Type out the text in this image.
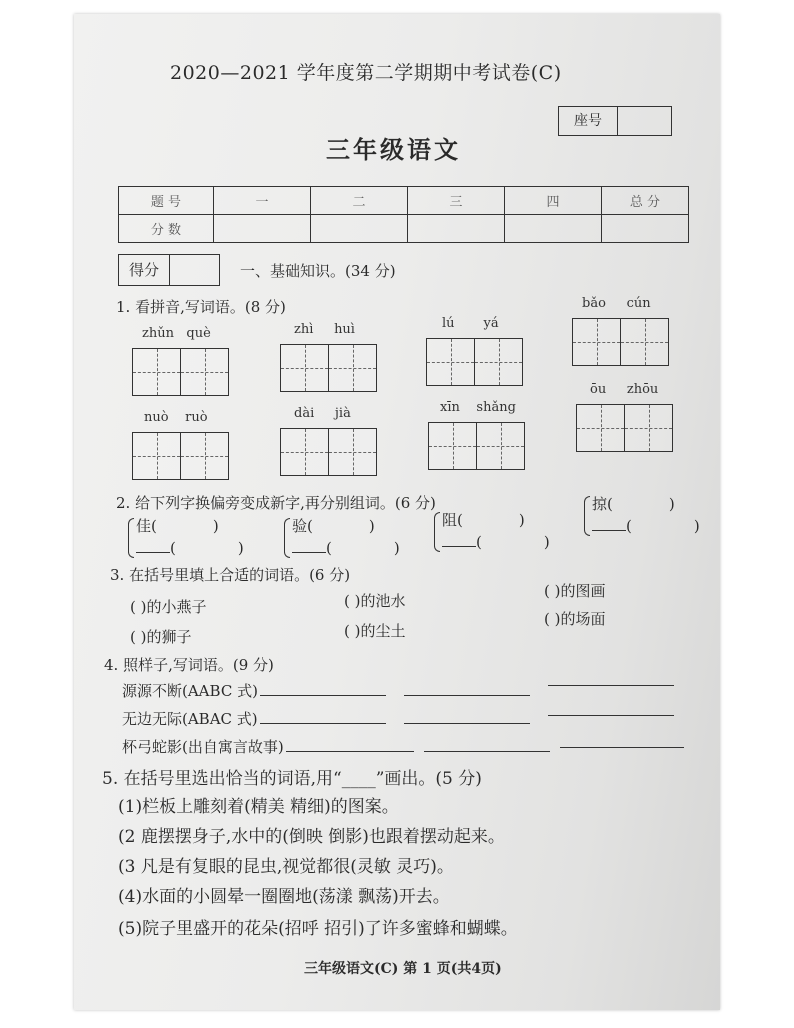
2020—2021 学年度第二学期期中考试卷(C)
三年级语文
座号
题 号	一	二	三	四	总 分
分 数					
得分	一、基础知识。(34 分)
1. 看拼音,写词语。(8 分)
zhǔn què	zhì huì	lú yá
bǎo cún
nuò ruò	dài jià	xīn shǎng
ōu zhōu
2. 给下列字换偏旁变成新字,再分别组词。(6 分)
佳(	)
(	)
验(	)
(	)
阻(	)
(	)
掠(	)
(	)
3. 在括号里填上合适的词语。(6 分)
( )的小燕子	( )的池水
( )的图画
( )的狮子	( )的尘土
( )的场面
4. 照样子,写词语。(9 分)
源源不断(AABC 式)
无边无际(ABAC 式)
杯弓蛇影(出自寓言故事)
5. 在括号里选出恰当的词语,用“____”画出。(5 分)
(1)栏板上雕刻着(精美 精细)的图案。
(2 鹿摆摆身子,水中的(倒映 倒影)也跟着摆动起来。
(3 凡是有复眼的昆虫,视觉都很(灵敏 灵巧)。
(4)水面的小圆晕一圈圈地(荡漾 飘荡)开去。
(5)院子里盛开的花朵(招呼 招引)了许多蜜蜂和蝴蝶。
三年级语文(C) 第 1 页(共4页)
